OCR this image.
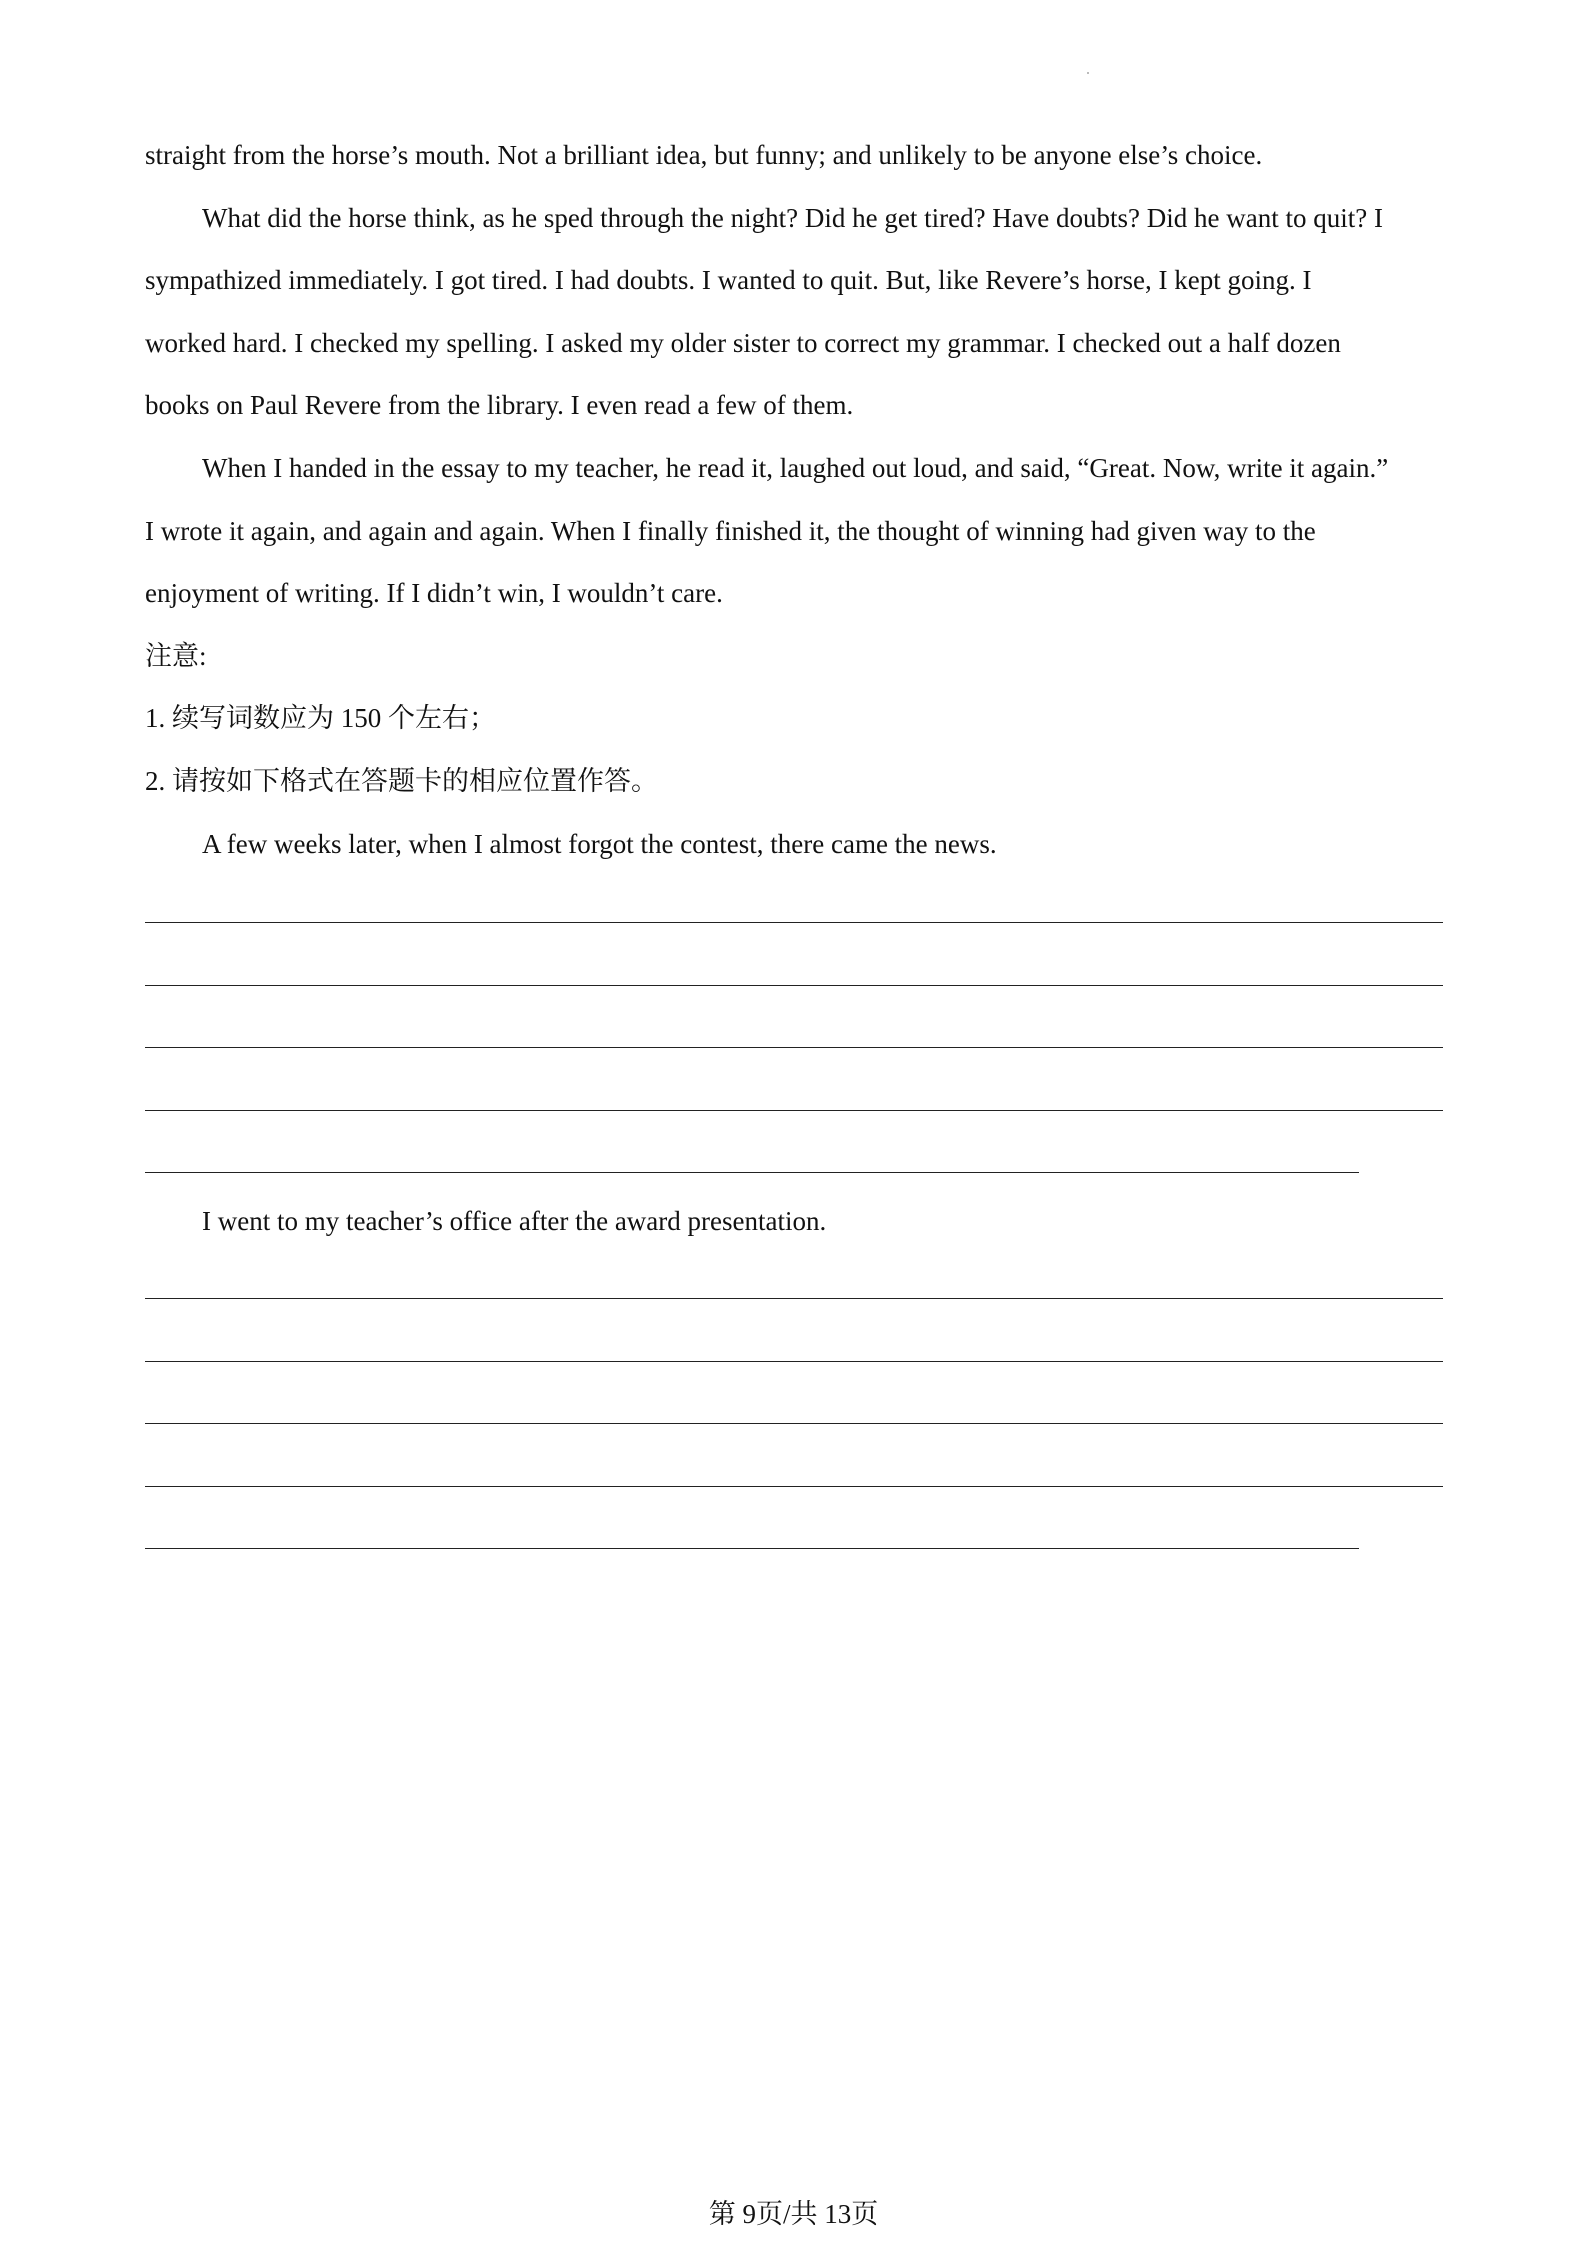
straight from the horse’s mouth. Not a brilliant idea, but funny; and unlikely to be anyone else’s choice.
What did the horse think, as he sped through the night? Did he get tired? Have doubts? Did he want to quit? I
sympathized immediately. I got tired. I had doubts. I wanted to quit. But, like Revere’s horse, I kept going. I
worked hard. I checked my spelling. I asked my older sister to correct my grammar. I checked out a half dozen
books on Paul Revere from the library. I even read a few of them.
When I handed in the essay to my teacher, he read it, laughed out loud, and said, “Great. Now, write it again.”
I wrote it again, and again and again. When I finally finished it, the thought of winning had given way to the
enjoyment of writing. If I didn’t win, I wouldn’t care.
注意:
1. 续写词数应为 150 个左右；
2. 请按如下格式在答题卡的相应位置作答。
A few weeks later, when I almost forgot the contest, there came the news.
I went to my teacher’s office after the award presentation.
第 9页/共 13页
